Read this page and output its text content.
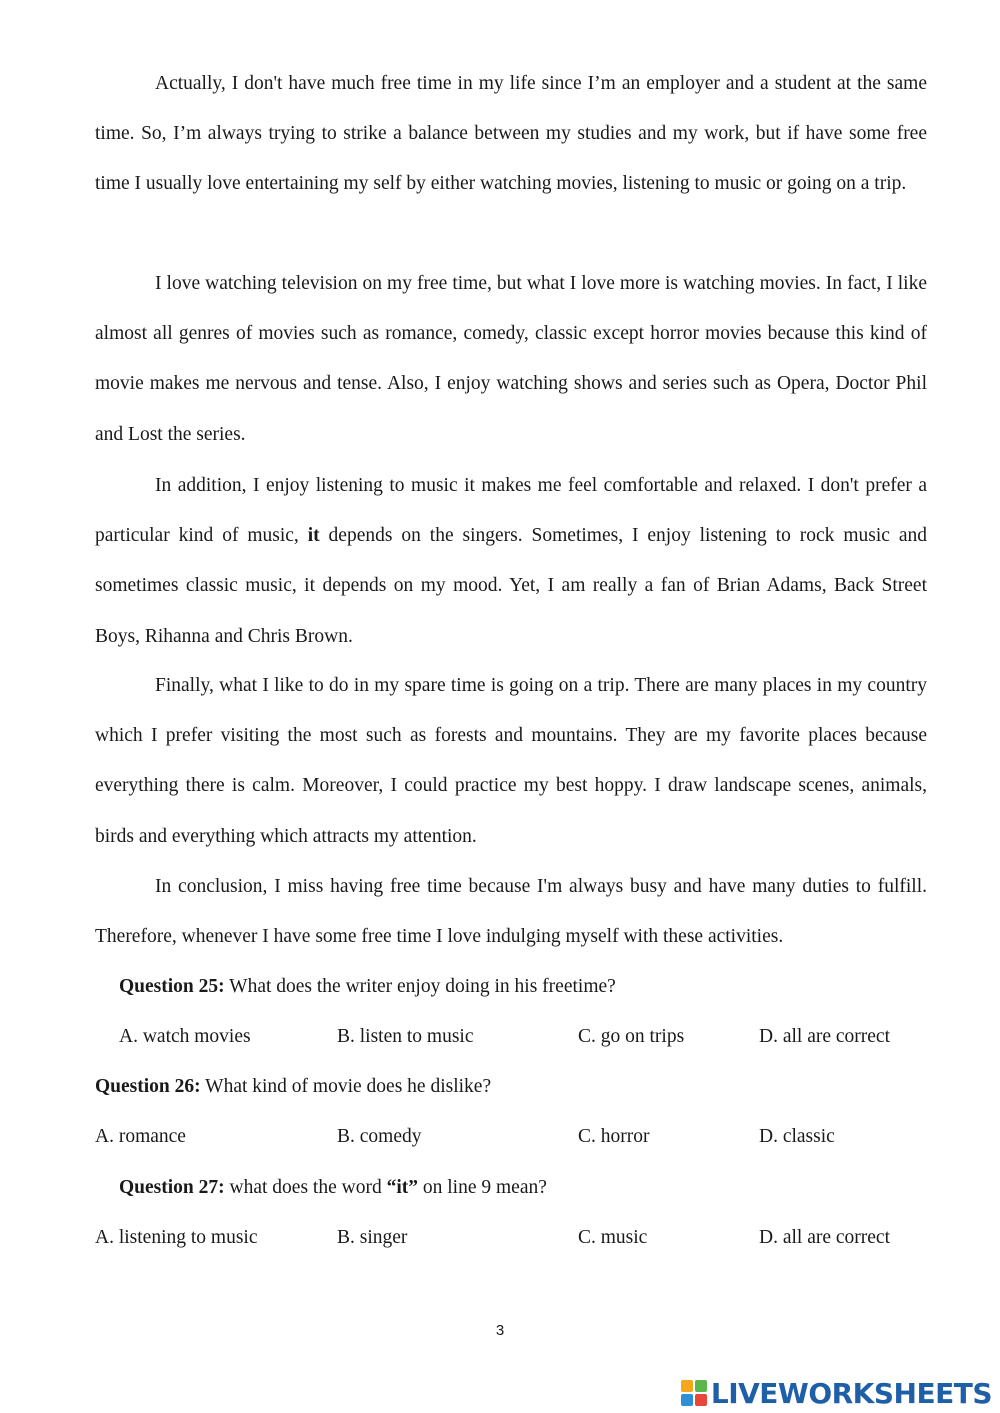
Actually, I don't have much free time in my life since I’m an employer and a student at the same time. So, I’m always trying to strike a balance between my studies and my work, but if have some free time I usually love entertaining my self by either watching movies, listening to music or going on a trip.

I love watching television on my free time, but what I love more is watching movies. In fact, I like almost all genres of movies such as romance, comedy, classic except horror movies because this kind of movie makes me nervous and tense. Also, I enjoy watching shows and series such as Opera, Doctor Phil and Lost the series.

In addition, I enjoy listening to music it makes me feel comfortable and relaxed. I don't prefer a particular kind of music, it depends on the singers. Sometimes, I enjoy listening to rock music and sometimes classic music, it depends on my mood. Yet, I am really a fan of Brian Adams, Back Street Boys, Rihanna and Chris Brown.

Finally, what I like to do in my spare time is going on a trip. There are many places in my country which I prefer visiting the most such as forests and mountains. They are my favorite places because everything there is calm. Moreover, I could practice my best hoppy. I draw landscape scenes, animals, birds and everything which attracts my attention.

In conclusion, I miss having free time because I'm always busy and have many duties to fulfill. Therefore, whenever I have some free time I love indulging myself with these activities.

Question 25: What does the writer enjoy doing in his freetime?
A. watch movies	B. listen to music	C. go on trips	D. all are correct
Question 26: What kind of movie does he dislike?
A. romance	B. comedy	C. horror	D. classic
Question 27: what does the word “it” on line 9 mean?
A. listening to music	B. singer	C. music	D. all are correct
3
LIVEWORKSHEETS
